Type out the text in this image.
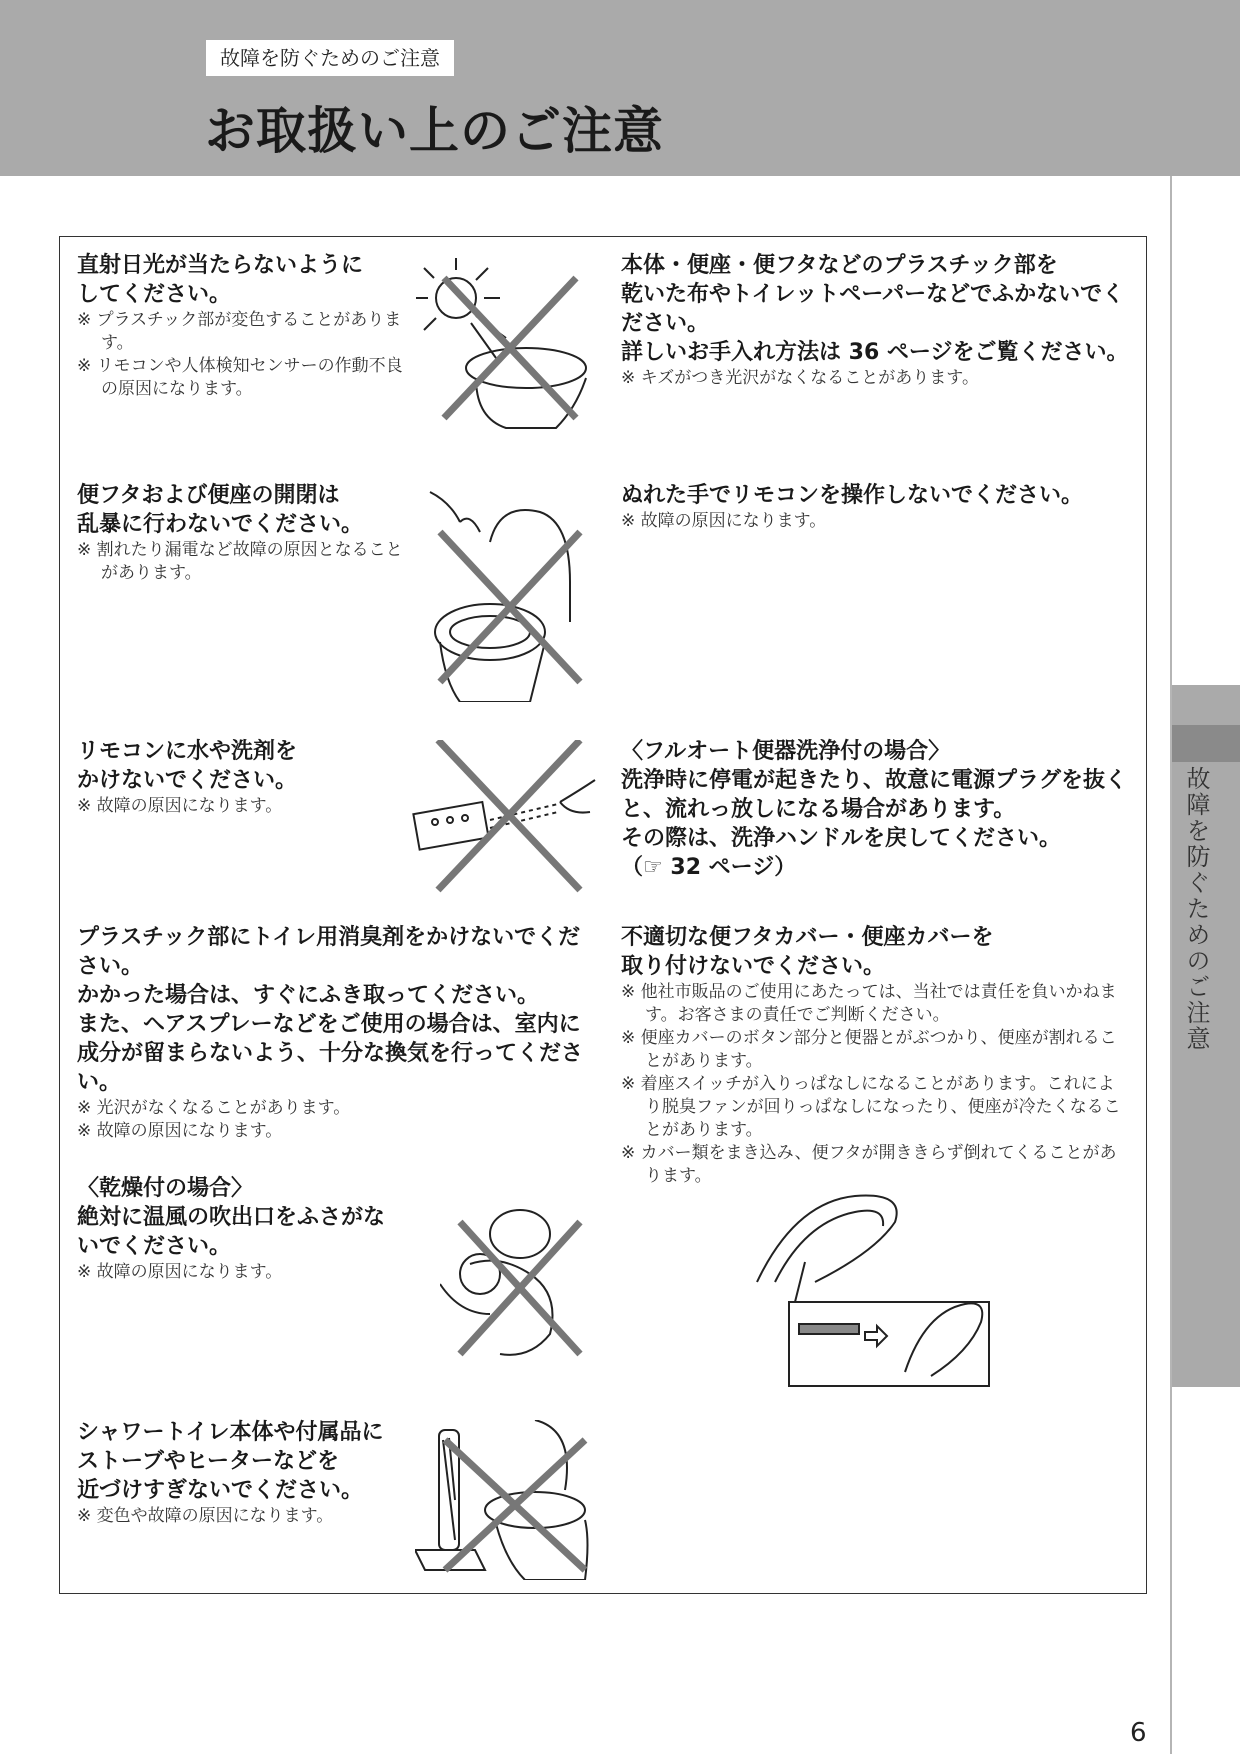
故障を防ぐためのご注意
お取扱い上のご注意
故障を防ぐためのご注意

直射日光が当たらないように
してください。

※ プラスチック部が変色することがあります。

※ リモコンや人体検知センサーの作動不良の原因になります。

便フタおよび便座の開閉は
乱暴に行わないでください。

※ 割れたり漏電など故障の原因となることがあります。

リモコンに水や洗剤を
かけないでください。

※ 故障の原因になります。

プラスチック部にトイレ用消臭剤をかけないでください。
かかった場合は、すぐにふき取ってください。
また、ヘアスプレーなどをご使用の場合は、室内に成分が留まらないよう、十分な換気を行ってください。

※ 光沢がなくなることがあります。

※ 故障の原因になります。

〈乾燥付の場合〉
絶対に温風の吹出口をふさがな
いでください。

※ 故障の原因になります。

シャワートイレ本体や付属品に
ストーブやヒーターなどを
近づけすぎないでください。

※ 変色や故障の原因になります。

本体・便座・便フタなどのプラスチック部を
乾いた布やトイレットペーパーなどでふかないでください。
詳しいお手入れ方法は 36 ページをご覧ください。

※ キズがつき光沢がなくなることがあります。

ぬれた手でリモコンを操作しないでください。

※ 故障の原因になります。

〈フルオート便器洗浄付の場合〉
洗浄時に停電が起きたり、故意に電源プラグを抜くと、流れっ放しになる場合があります。
その際は、洗浄ハンドルを戻してください。
（☞ 32 ページ）

不適切な便フタカバー・便座カバーを
取り付けないでください。

※ 他社市販品のご使用にあたっては、当社では責任を負いかねます。お客さまの責任でご判断ください。

※ 便座カバーのボタン部分と便器とがぶつかり、便座が割れることがあります。

※ 着座スイッチが入りっぱなしになることがあります。これにより脱臭ファンが回りっぱなしになったり、便座が冷たくなることがあります。

※ カバー類をまき込み、便フタが開ききらず倒れてくることがあります。

6
